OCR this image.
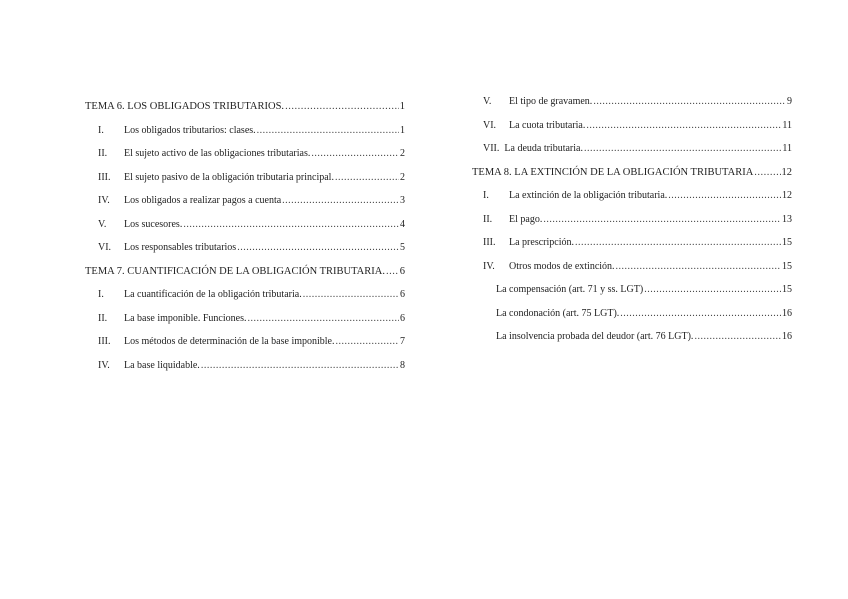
TEMA 6. LOS OBLIGADOS TRIBUTARIOS. .....	1
I.	Los obligados tributarios: clases. .....	1
II.	El sujeto activo de las obligaciones tributarias. .....	2
III.	El sujeto pasivo de la obligación tributaria principal. .....	2
IV.	Los obligados a realizar pagos a cuenta .....	3
V.	Los sucesores. .....	4
VI.	Los responsables tributarios .....	5
TEMA 7. CUANTIFICACIÓN DE LA OBLIGACIÓN TRIBUTARIA. ..... 6
I.	La cuantificación de la obligación tributaria. .....	6
II.	La base imponible. Funciones. .....	6
III.	Los métodos de determinación de la base imponible. .....	7
IV.	La base liquidable. .....	8
V.	El tipo de gravamen. .....	9
VI.	La cuota tributaria. .....	11
VII. La deuda tributaria. .....	11
TEMA 8. LA EXTINCIÓN DE LA OBLIGACIÓN TRIBUTARIA .....	12
I.	La extinción de la obligación tributaria. .....	12
II.	El pago. .....	13
III.	La prescripción. .....	15
IV.	Otros modos de extinción. .....	15
La compensación (art. 71 y ss. LGT) .....	15
La condonación (art. 75 LGT). .....	16
La insolvencia probada del deudor (art. 76 LGT). .....	16
